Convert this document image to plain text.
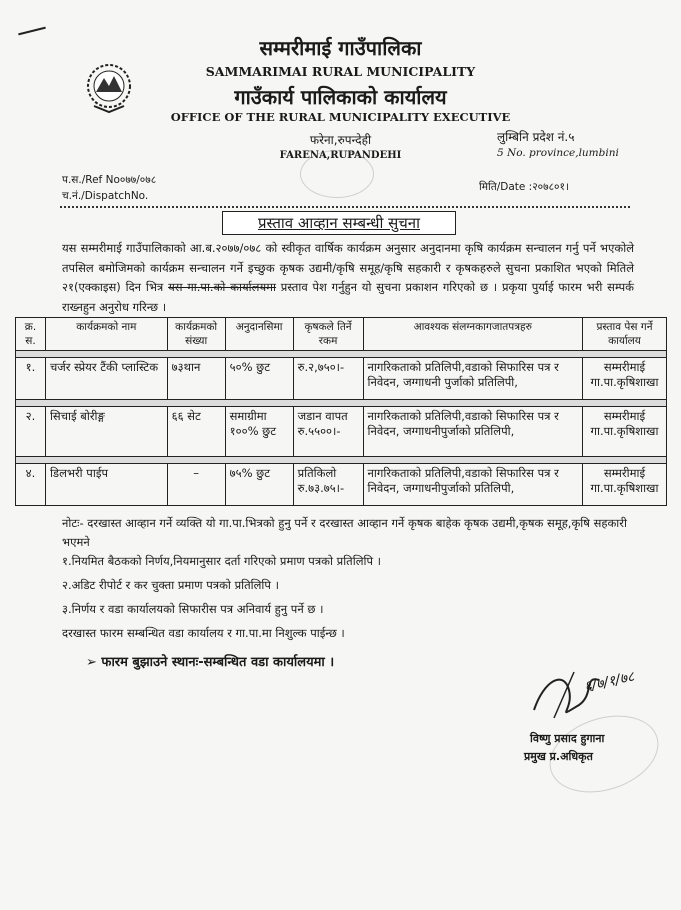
सम्मरीमाई गाउँपालिका
SAMMARIMAI RURAL MUNICIPALITY
गाउँकार्य पालिकाको कार्यालय
OFFICE OF THE RURAL MUNICIPALITY EXECUTIVE
फरेना,रुपन्देही
FARENA,RUPANDEHI
लुम्बिनि प्रदेश नं.५
5 No. province,lumbini
प.स./Ref No०७७/०७८
च.नं./DispatchNo.
मिति/Date :२०७८०१।
प्रस्ताव आव्हान सम्बन्धी सुचना
यस सम्मरीमाई गाउँपालिकाको आ.ब.२०७७/०७८ को स्वीकृत वार्षिक कार्यक्रम अनुसार अनुदानमा कृषि कार्यक्रम सन्चालन गर्नु पर्ने भएकोले तपसिल बमोजिमको कार्यक्रम सन्चालन गर्ने इच्छुक कृषक उद्यमी/कृषि समूह/कृषि सहकारी र कृषकहरुले सुचना प्रकाशित भएको मितिले २१(एक्काइस) दिन भित्र यस गा.पा.को कार्यालयमा प्रस्ताव पेश गर्नुहुन यो सुचना प्रकाशन गरिएको छ । प्रकृया पुर्याई फारम भरी सम्पर्क राख्नहुन अनुरोध गरिन्छ ।
क्र. स.	कार्यक्रमको नाम	कार्यक्रमको संख्या	अनुदानसिमा	कृषकले तिर्ने रकम	आवश्यक संलग्नकागजातपत्रहरु	प्रस्ताव पेस गर्ने कार्यालय

१.	चर्जर स्प्रेयर टैंकी प्लास्टिक	७३थान	५०% छुट	रु.२,७५०।-	नागरिकताको प्रतिलिपी,वडाको सिफारिस पत्र र निवेदन, जग्गाधनी पुर्जाको प्रतिलिपी,	सम्मरीमाई गा.पा.कृषिशाखा

२.	सिचाई बोरीङ्ग	६६ सेट	समाग्रीमा १००% छुट	जडान वापत रु.५५००।-	नागरिकताको प्रतिलिपी,वडाको सिफारिस पत्र र निवेदन, जग्गाधनीपुर्जाको प्रतिलिपी,	सम्मरीमाई गा.पा.कृषिशाखा

४.	डिलभरी पाईप	–	७५% छुट	प्रतिकिलो रु.७३.७५।-	नागरिकताको प्रतिलिपी,वडाको सिफारिस पत्र र निवेदन, जग्गाधनीपुर्जाको प्रतिलिपी,	सम्मरीमाई गा.पा.कृषिशाखा
नोटः- दरखास्त आव्हान गर्ने व्यक्ति यो गा.पा.भित्रको हुनु पर्ने र दरखास्त आव्हान गर्ने कृषक बाहेक कृषक उद्यमी,कृषक समूह,कृषि सहकारी भएमने
१.नियमित बैठकको निर्णय,नियमानुसार दर्ता गरिएको प्रमाण पत्रको प्रतिलिपि ।
२.अडिट रीपोर्ट र कर चुक्ता प्रमाण पत्रको प्रतिलिपि ।
३.निर्णय र वडा कार्यालयको सिफारीस पत्र अनिवार्य हुनु पर्ने छ ।
दरखास्त फारम सम्बन्धित वडा कार्यालय र गा.पा.मा निशुल्क पाईन्छ ।
➢ फारम बुझाउने स्थानः-सम्बन्धित वडा कार्यालयमा ।
६/७/१/७८
विष्णु प्रसाद हुगाना
प्रमुख प्र.अधिकृत
